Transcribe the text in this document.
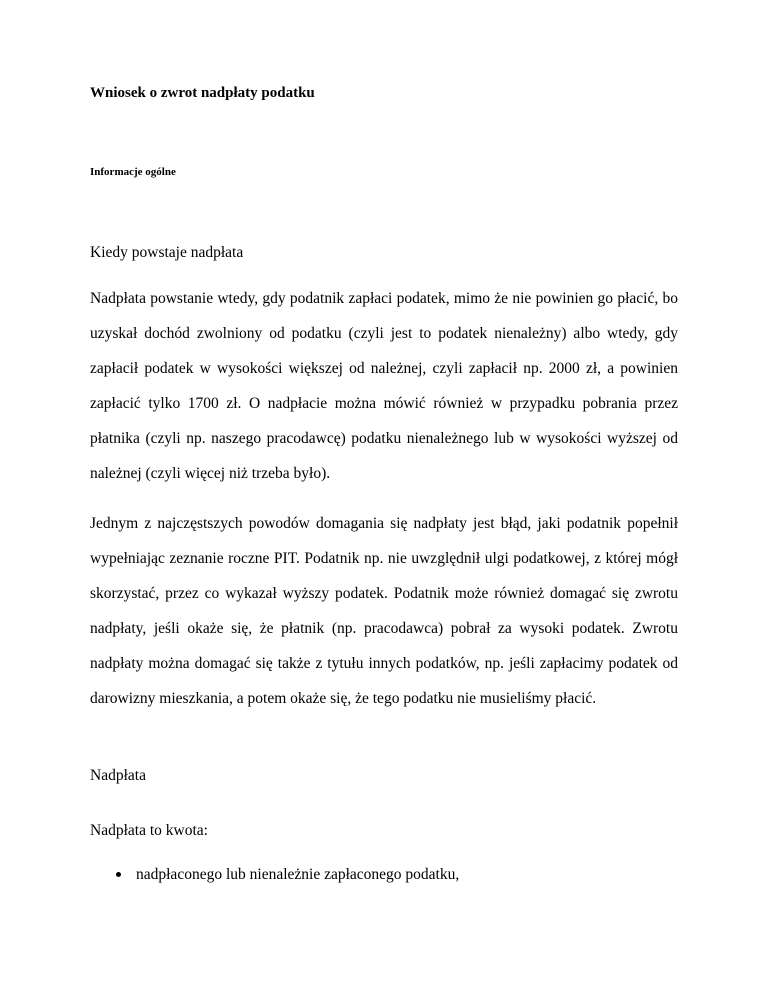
Wniosek o zwrot nadpłaty podatku
Informacje ogólne
Kiedy powstaje nadpłata

Nadpłata powstanie wtedy, gdy podatnik zapłaci podatek, mimo że nie powinien go płacić, bo
uzyskał dochód zwolniony od podatku (czyli jest to podatek nienależny) albo wtedy, gdy
zapłacił podatek w wysokości większej od należnej, czyli zapłacił np. 2000 zł, a powinien
zapłacić tylko 1700 zł. O nadpłacie można mówić również w przypadku pobrania przez
płatnika (czyli np. naszego pracodawcę) podatku nienależnego lub w wysokości wyższej od
należnej (czyli więcej niż trzeba było).

Jednym z najczęstszych powodów domagania się nadpłaty jest błąd, jaki podatnik popełnił
wypełniając zeznanie roczne PIT. Podatnik np. nie uwzględnił ulgi podatkowej, z której mógł
skorzystać, przez co wykazał wyższy podatek. Podatnik może również domagać się zwrotu
nadpłaty, jeśli okaże się, że płatnik (np. pracodawca) pobrał za wysoki podatek. Zwrotu
nadpłaty można domagać się także z tytułu innych podatków, np. jeśli zapłacimy podatek od
darowizny mieszkania, a potem okaże się, że tego podatku nie musieliśmy płacić.

Nadpłata

Nadpłata to kwota:

nadpłaconego lub nienależnie zapłaconego podatku,
